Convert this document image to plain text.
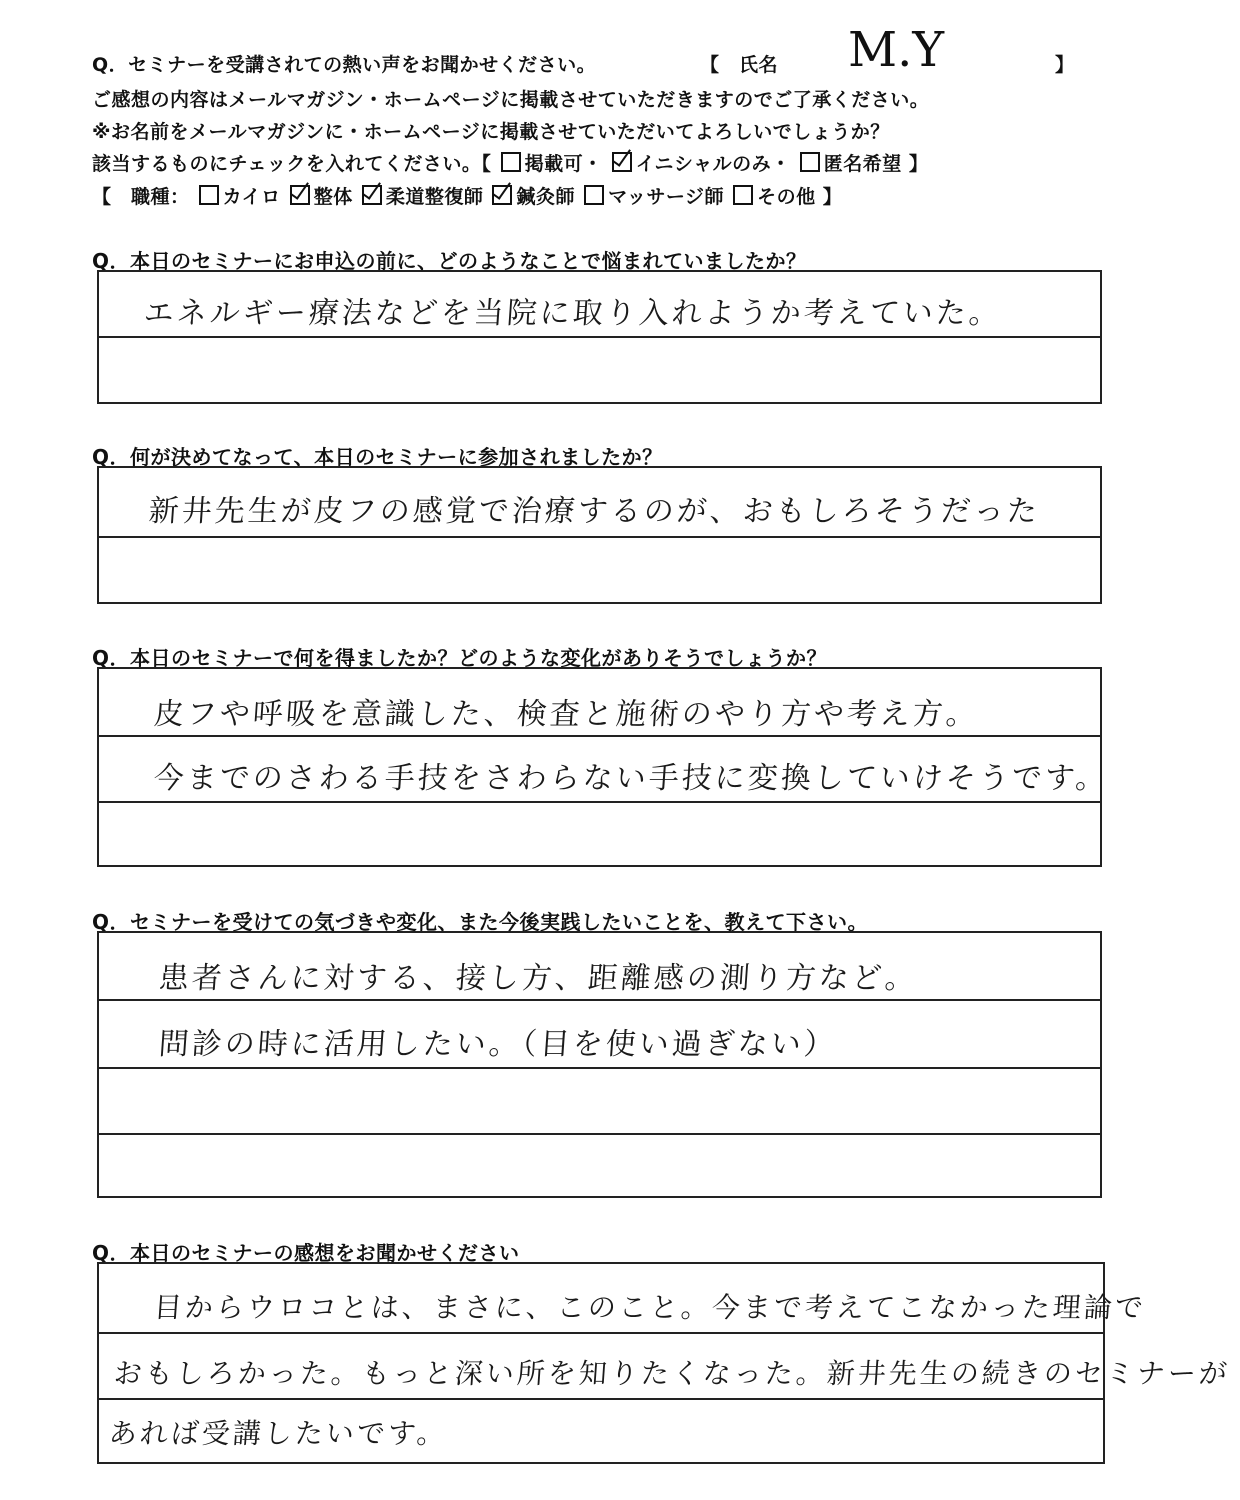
Q．セミナーを受講されての熱い声をお聞かせください。	【　氏名 M.Y	】
ご感想の内容はメールマガジン・ホームページに掲載させていただきますのでご了承ください。
※お名前をメールマガジンに・ホームページに掲載させていただいてよろしいでしょうか？
該当するものにチェックを入れてください。【 掲載可・ イニシャルのみ・ 匿名希望 】
【　職種： カイロ 整体 柔道整復師 鍼灸師 マッサージ師 その他 】
Q．本日のセミナーにお申込の前に、どのようなことで悩まれていましたか？
エネルギー療法などを当院に取り入れようか考えていた。
Q．何が決めてなって、本日のセミナーに参加されましたか？
新井先生が皮フの感覚で治療するのが、おもしろそうだった
Q．本日のセミナーで何を得ましたか？どのような変化がありそうでしょうか？
皮フや呼吸を意識した、検査と施術のやり方や考え方。
今までのさわる手技をさわらない手技に変換していけそうです。
Q．セミナーを受けての気づきや変化、また今後実践したいことを、教えて下さい。
患者さんに対する、接し方、距離感の測り方など。
問診の時に活用したい。（目を使い過ぎない）
Q．本日のセミナーの感想をお聞かせください
目からウロコとは、まさに、このこと。今まで考えてこなかった理論で
おもしろかった。もっと深い所を知りたくなった。新井先生の続きのセミナーが
あれば受講したいです。
